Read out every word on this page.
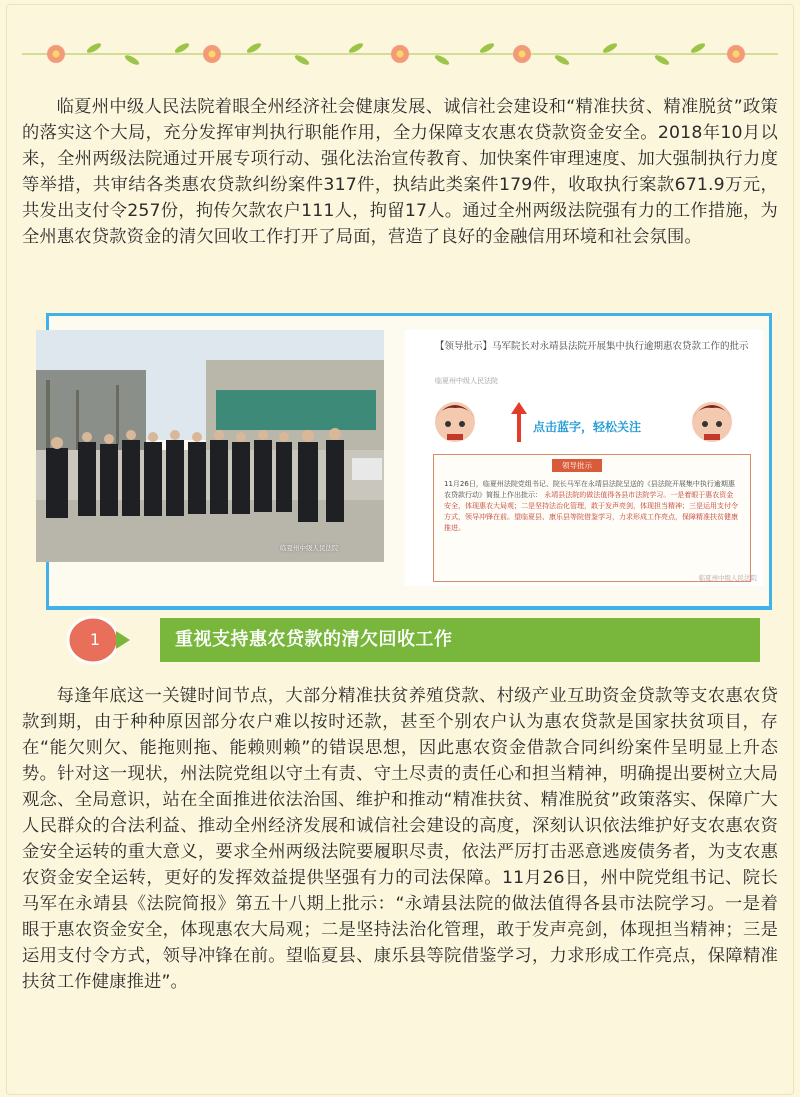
临夏州中级人民法院着眼全州经济社会健康发展、诚信社会建设和“精准扶贫、精准脱贫”政策的落实这个大局，充分发挥审判执行职能作用，全力保障支农惠农贷款资金安全。2018年10月以来，全州两级法院通过开展专项行动、强化法治宣传教育、加快案件审理速度、加大强制执行力度等举措，共审结各类惠农贷款纠纷案件317件，执结此类案件179件，收取执行案款671.9万元，共发出支付令257份，拘传欠款农户111人，拘留17人。通过全州两级法院强有力的工作措施，为全州惠农贷款资金的清欠回收工作打开了局面，营造了良好的金融信用环境和社会氛围。

临夏州中级人民法院
【领导批示】马军院长对永靖县法院开展集中执行逾期惠农贷款工作的批示
临夏州中级人民法院
点击蓝字，轻松关注
领导批示
11月26日，临夏州法院党组书记、院长马军在永靖县法院呈送的《县法院开展集中执行逾期惠农贷款行动》简报上作出批示： 永靖县法院的做法值得各县市法院学习。一是着眼于惠农资金安全，体现惠农大局观；二是坚持法治化管理，敢于发声亮剑，体现担当精神；三是运用支付令方式，领导冲锋在前。望临夏县、康乐县等院借鉴学习，力求形成工作亮点，保障精准扶贫健康推进。
临夏州中级人民法院
1	重视支持惠农贷款的清欠回收工作

每逢年底这一关键时间节点，大部分精准扶贫养殖贷款、村级产业互助资金贷款等支农惠农贷款到期，由于种种原因部分农户难以按时还款，甚至个别农户认为惠农贷款是国家扶贫项目，存在“能欠则欠、能拖则拖、能赖则赖”的错误思想，因此惠农资金借款合同纠纷案件呈明显上升态势。针对这一现状，州法院党组以守土有责、守土尽责的责任心和担当精神，明确提出要树立大局观念、全局意识，站在全面推进依法治国、维护和推动“精准扶贫、精准脱贫”政策落实、保障广大人民群众的合法利益、推动全州经济发展和诚信社会建设的高度，深刻认识依法维护好支农惠农资金安全运转的重大意义，要求全州两级法院要履职尽责，依法严厉打击恶意逃废债务者，为支农惠农资金安全运转，更好的发挥效益提供坚强有力的司法保障。11月26日，州中院党组书记、院长马军在永靖县《法院简报》第五十八期上批示：“永靖县法院的做法值得各县市法院学习。一是着眼于惠农资金安全，体现惠农大局观；二是坚持法治化管理，敢于发声亮剑，体现担当精神；三是运用支付令方式，领导冲锋在前。望临夏县、康乐县等院借鉴学习，力求形成工作亮点，保障精准扶贫工作健康推进”。
